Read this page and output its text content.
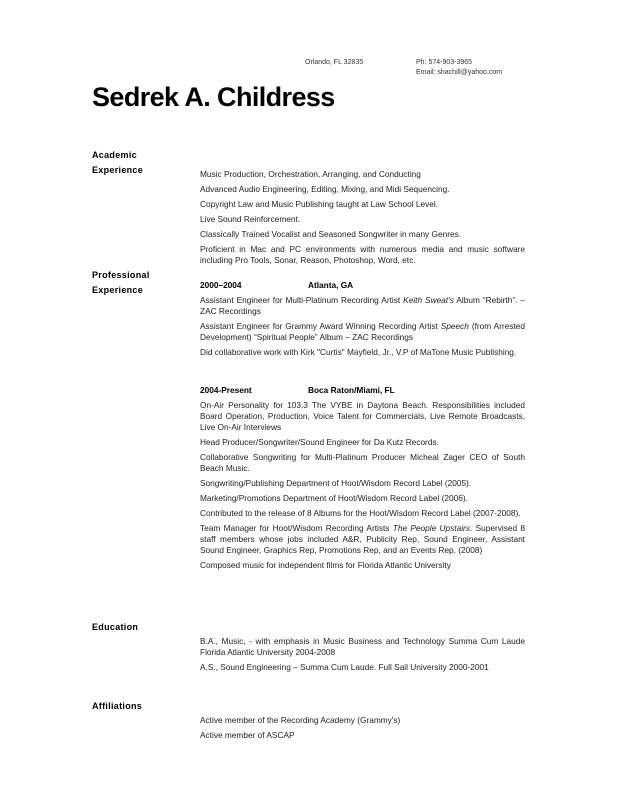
Orlando, FL 32835	Ph: 574-903-3965
Email: shachill@yahoo.com
Sedrek A. Childress
Academic
Experience	Music Production, Orchestration, Arranging, and Conducting

Advanced Audio Engineering, Editing, Mixing, and Midi Sequencing.

Copyright Law and Music Publishing taught at Law School Level.

Live Sound Reinforcement.

Classically Trained Vocalist and Seasoned Songwriter in many Genres.

Proficient in Mac and PC environments with numerous media and music software including Pro Tools, Sonar, Reason, Photoshop, Word, etc.

Professional
Experience	2000–2004	Atlanta, GA

Assistant Engineer for Multi-Platinum Recording Artist Keith Sweat's Album “Rebirth”. – ZAC Recordings

Assistant Engineer for Grammy Award Winning Recording Artist Speech (from Arrested Development) “Spiritual People” Album – ZAC Recordings

Did collaborative work with Kirk "Curtis" Mayfield, Jr., V.P of MaTone Music Publishing.

2004-Present	Boca Raton/Miami, FL

On-Air Personality for 103.3 The VYBE in Daytona Beach. Responsibilities included Board Operation, Production, Voice Talent for Commercials, Live Remote Broadcasts, Live On-Air Interviews

Head Producer/Songwriter/Sound Engineer for Da Kutz Records.

Collaborative Songwriting for Multi-Platinum Producer Micheal Zager CEO of South Beach Music.

Songwriting/Publishing Department of Hoot/Wisdom Record Label (2005).

Marketing/Promotions Department of Hoot/Wisdom Record Label (2006).

Contributed to the release of 8 Albums for the Hoot/Wisdom Record Label (2007-2008).

Team Manager for Hoot/Wisdom Recording Artists The People Upstairs. Supervised 8 staff members whose jobs included A&R, Publicity Rep, Sound Engineer, Assistant Sound Engineer, Graphics Rep, Promotions Rep, and an Events Rep. (2008)

Composed music for independent films for Florida Atlantic University

Education

B.A., Music, - with emphasis in Music Business and Technology Summa Cum Laude Florida Atlantic University 2004-2008

A.S., Sound Engineering – Summa Cum Laude. Full Sail University 2000-2001

Affiliations

Active member of the Recording Academy (Grammy's)

Active member of ASCAP
